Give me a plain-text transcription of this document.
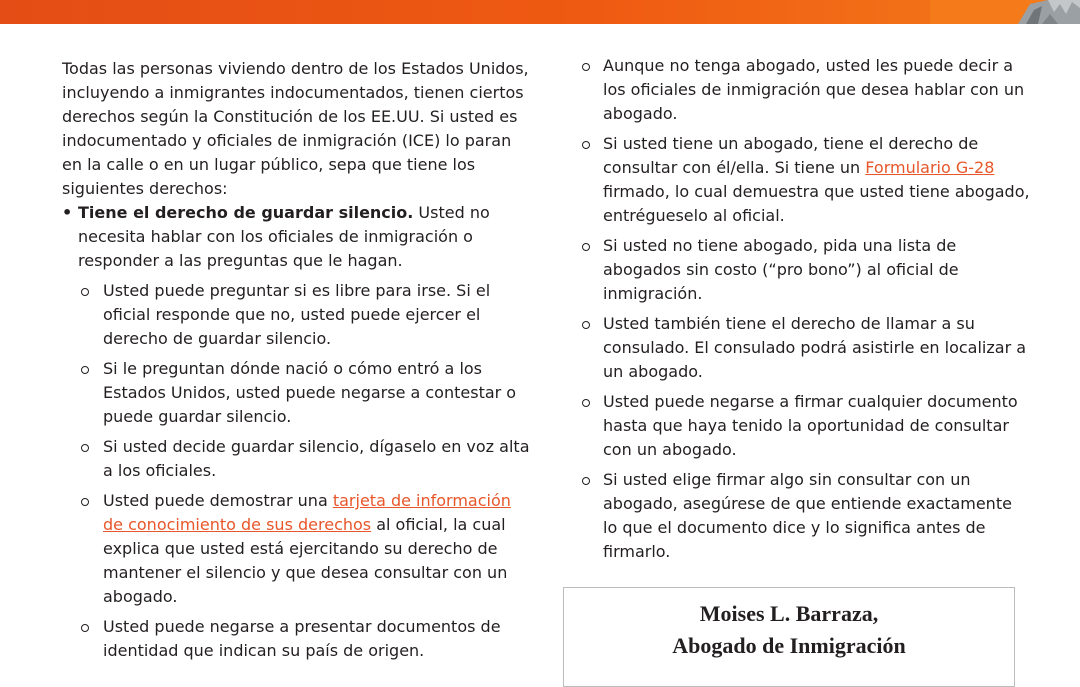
Todas las personas viviendo dentro de los Estados Unidos, incluyendo a inmigrantes indocumentados, tienen ciertos derechos según la Constitución de los EE.UU. Si usted es indocumentado y oficiales de inmigración (ICE) lo paran en la calle o en un lugar público, sepa que tiene los siguientes derechos:

• Tiene el derecho de guardar silencio. Usted no necesita hablar con los oficiales de inmigración o responder a las preguntas que le hagan.
Usted puede preguntar si es libre para irse. Si el oficial responde que no, usted puede ejercer el derecho de guardar silencio.
Si le preguntan dónde nació o cómo entró a los Estados Unidos, usted puede negarse a contestar o puede guardar silencio.
Si usted decide guardar silencio, dígaselo en voz alta a los oficiales.
Usted puede demostrar una tarjeta de información de conocimiento de sus derechos al oficial, la cual explica que usted está ejercitando su derecho de mantener el silencio y que desea consultar con un abogado.
Usted puede negarse a presentar documentos de identidad que indican su país de origen.
Aunque no tenga abogado, usted les puede decir a los oficiales de inmigración que desea hablar con un abogado.
Si usted tiene un abogado, tiene el derecho de consultar con él/ella. Si tiene un Formulario G-28 firmado, lo cual demuestra que usted tiene abogado, entrégueselo al oficial.
Si usted no tiene abogado, pida una lista de abogados sin costo (“pro bono”) al oficial de inmigración.
Usted también tiene el derecho de llamar a su consulado. El consulado podrá asistirle en localizar a un abogado.
Usted puede negarse a firmar cualquier documento hasta que haya tenido la oportunidad de consultar con un abogado.
Si usted elige firmar algo sin consultar con un abogado, asegúrese de que entiende exactamente lo que el documento dice y lo significa antes de firmarlo.
Moises L. Barraza,
Abogado de Inmigración
